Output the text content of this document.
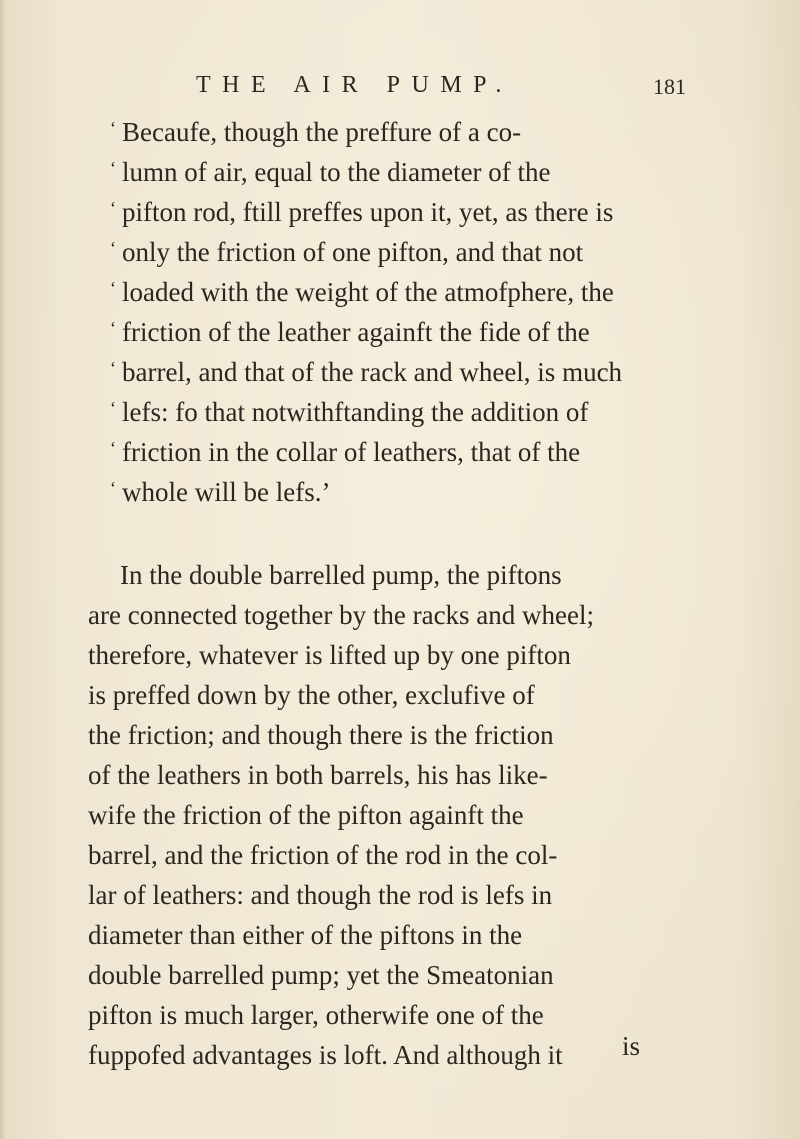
THE AIR PUMP.	181
‘ Becaufe, though the preffure of a co-
‘ lumn of air, equal to the diameter of the
‘ pifton rod, ftill preffes upon it, yet, as there is
‘ only the friction of one pifton, and that not
‘ loaded with the weight of the atmofphere, the
‘ friction of the leather againft the fide of the
‘ barrel, and that of the rack and wheel, is much
‘ lefs: fo that notwithftanding the addition of
‘ friction in the collar of leathers, that of the
‘ whole will be lefs.’
In the double barrelled pump, the piftons
are connected together by the racks and wheel;
therefore, whatever is lifted up by one pifton
is preffed down by the other, exclufive of
the friction; and though there is the friction
of the leathers in both barrels, his has like-
wife the friction of the pifton againft the
barrel, and the friction of the rod in the col-
lar of leathers: and though the rod is lefs in
diameter than either of the piftons in the
double barrelled pump; yet the Smeatonian
pifton is much larger, otherwife one of the
fuppofed advantages is loft. And although it	is
